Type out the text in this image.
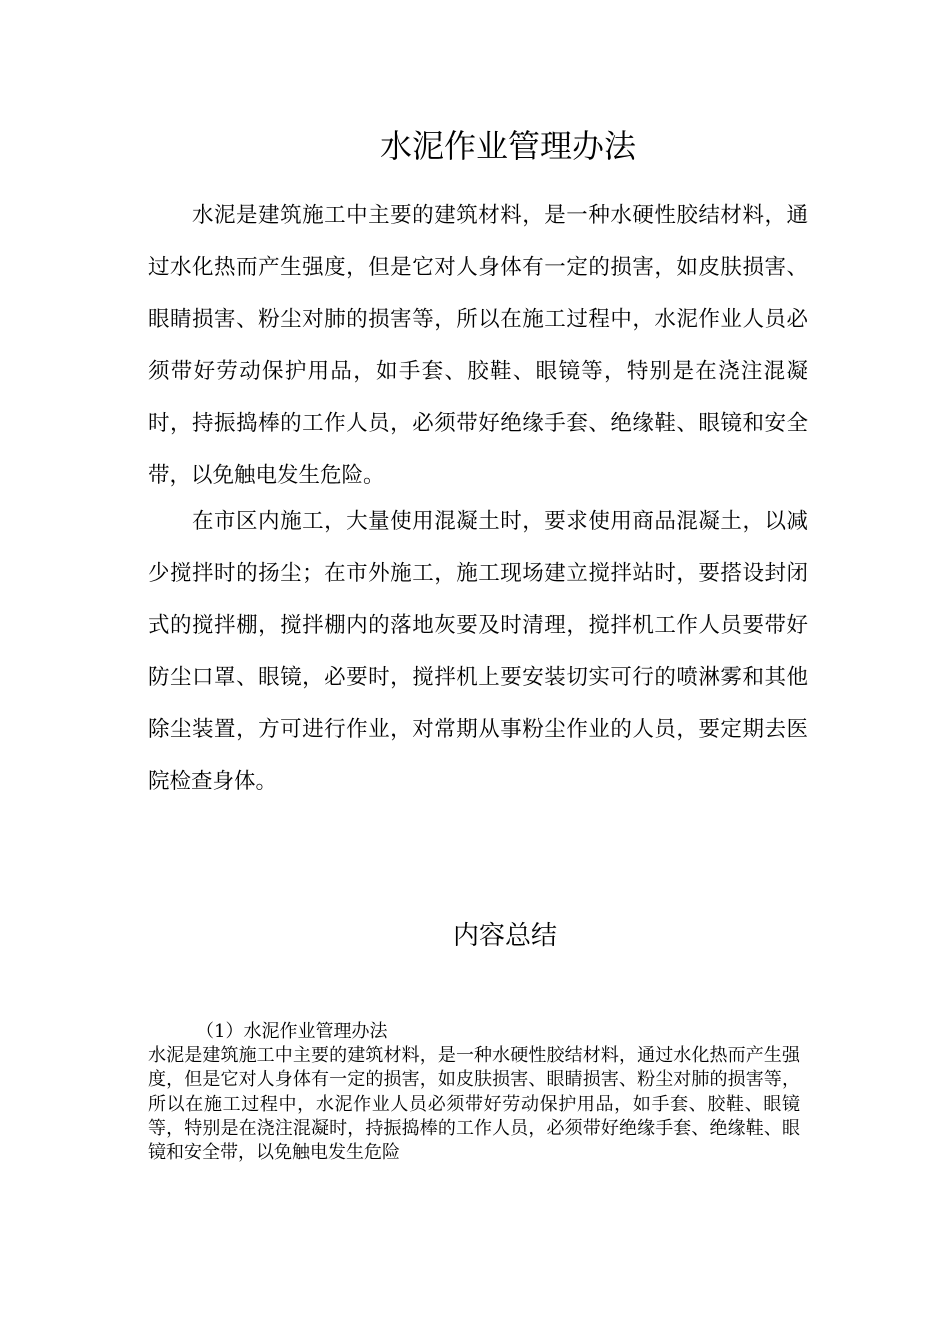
水泥作业管理办法

水泥是建筑施工中主要的建筑材料，是一种水硬性胶结材料，通过水化热而产生强度，但是它对人身体有一定的损害，如皮肤损害、眼睛损害、粉尘对肺的损害等，所以在施工过程中，水泥作业人员必须带好劳动保护用品，如手套、胶鞋、眼镜等，特别是在浇注混凝时，持振捣棒的工作人员，必须带好绝缘手套、绝缘鞋、眼镜和安全带，以免触电发生危险。

在市区内施工，大量使用混凝土时，要求使用商品混凝土，以减少搅拌时的扬尘；在市外施工，施工现场建立搅拌站时，要搭设封闭式的搅拌棚，搅拌棚内的落地灰要及时清理，搅拌机工作人员要带好防尘口罩、眼镜，必要时，搅拌机上要安装切实可行的喷淋雾和其他除尘装置，方可进行作业，对常期从事粉尘作业的人员，要定期去医院检查身体。

内容总结

（1）水泥作业管理办法

水泥是建筑施工中主要的建筑材料，是一种水硬性胶结材料，通过水化热而产生强度，但是它对人身体有一定的损害，如皮肤损害、眼睛损害、粉尘对肺的损害等，所以在施工过程中，水泥作业人员必须带好劳动保护用品，如手套、胶鞋、眼镜等，特别是在浇注混凝时，持振捣棒的工作人员，必须带好绝缘手套、绝缘鞋、眼镜和安全带，以免触电发生危险
